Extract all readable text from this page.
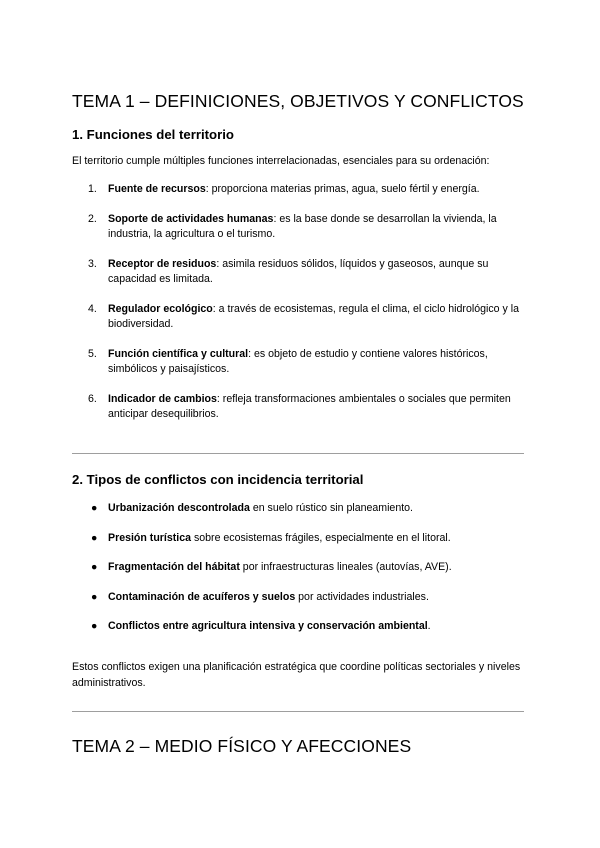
TEMA 1 – DEFINICIONES, OBJETIVOS Y CONFLICTOS
1. Funciones del territorio

El territorio cumple múltiples funciones interrelacionadas, esenciales para su ordenación:

1. Fuente de recursos: proporciona materias primas, agua, suelo fértil y energía.
2. Soporte de actividades humanas: es la base donde se desarrollan la vivienda, la industria, la agricultura o el turismo.
3. Receptor de residuos: asimila residuos sólidos, líquidos y gaseosos, aunque su capacidad es limitada.
4. Regulador ecológico: a través de ecosistemas, regula el clima, el ciclo hidrológico y la biodiversidad.
5. Función científica y cultural: es objeto de estudio y contiene valores históricos, simbólicos y paisajísticos.
6. Indicador de cambios: refleja transformaciones ambientales o sociales que permiten anticipar desequilibrios.
2. Tipos de conflictos con incidencia territorial
● Urbanización descontrolada en suelo rústico sin planeamiento.
● Presión turística sobre ecosistemas frágiles, especialmente en el litoral.
● Fragmentación del hábitat por infraestructuras lineales (autovías, AVE).
● Contaminación de acuíferos y suelos por actividades industriales.
● Conflictos entre agricultura intensiva y conservación ambiental.

Estos conflictos exigen una planificación estratégica que coordine políticas sectoriales y niveles administrativos.

TEMA 2 – MEDIO FÍSICO Y AFECCIONES
